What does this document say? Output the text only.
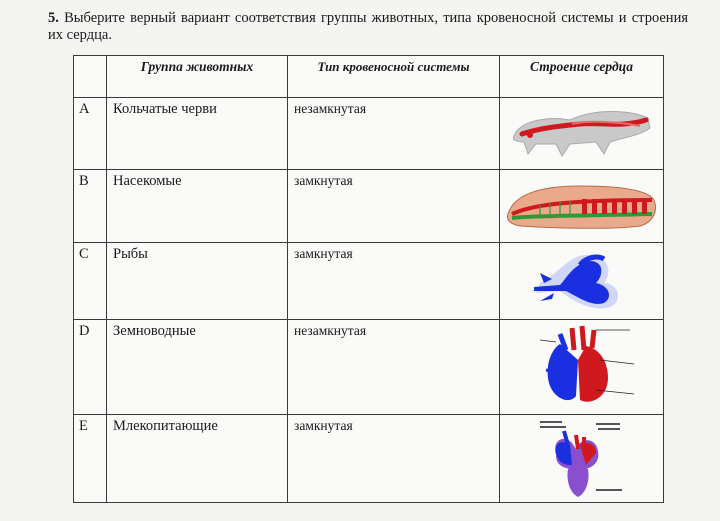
5. Выберите верный вариант соответствия группы животных, типа кровеносной системы и строения их сердца.
	Группа животных	Тип кровеносной системы	Строение сердца
A	Кольчатые черви	незамкнутая	

B	Насекомые	замкнутая	

C	Рыбы	замкнутая	

D	Земноводные	незамкнутая	

E	Млекопитающие	замкнутая	
